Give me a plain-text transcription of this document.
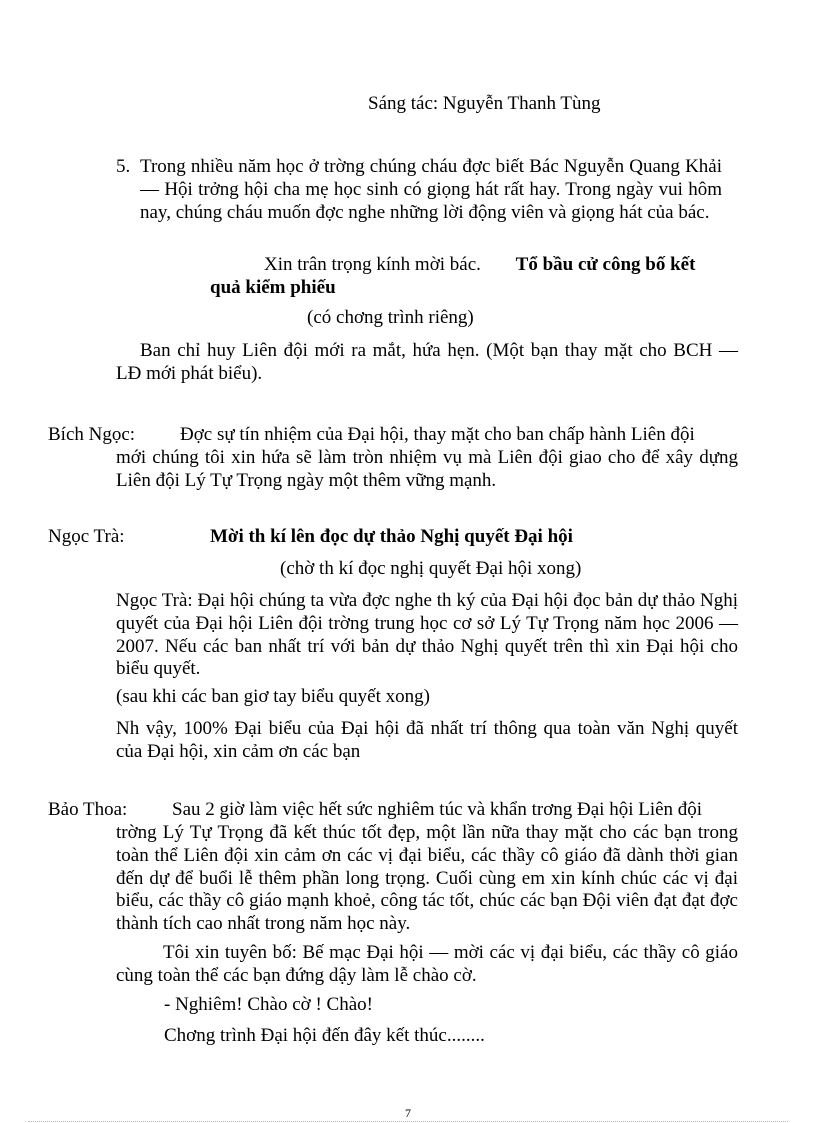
Sáng tác: Nguyễn Thanh Tùng
5. Trong nhiều năm học ở trờng chúng cháu đợc biết Bác Nguyễn Quang Khải — Hội trởng hội cha mẹ học sinh có giọng hát rất hay. Trong ngày vui hôm nay, chúng cháu muốn đợc nghe những lời động viên và giọng hát của bác.
Xin trân trọng kính mời bác. Tổ bầu cử công bố kết
quả kiểm phiếu
(có chơng trình riêng)
Ban chỉ huy Liên đội mới ra mắt, hứa hẹn. (Một bạn thay mặt cho BCH — LĐ mới phát biểu).
Bích Ngọc: Đợc sự tín nhiệm của Đại hội, thay mặt cho ban chấp hành Liên đội
mới chúng tôi xin hứa sẽ làm tròn nhiệm vụ mà Liên đội giao cho để xây dựng Liên đội Lý Tự Trọng ngày một thêm vững mạnh.
Ngọc Trà:	Mời th kí lên đọc dự thảo Nghị quyết Đại hội
(chờ th kí đọc nghị quyết Đại hội xong)
Ngọc Trà: Đại hội chúng ta vừa đợc nghe th ký của Đại hội đọc bản dự thảo Nghị quyết của Đại hội Liên đội trờng trung học cơ sở Lý Tự Trọng năm học 2006 — 2007. Nếu các ban nhất trí với bản dự thảo Nghị quyết trên thì xin Đại hội cho biểu quyết.
(sau khi các ban giơ tay biểu quyết xong)
Nh vậy, 100% Đại biểu của Đại hội đã nhất trí thông qua toàn văn Nghị quyết của Đại hội, xin cảm ơn các bạn
Bảo Thoa: Sau 2 giờ làm việc hết sức nghiêm túc và khẩn trơng Đại hội Liên đội
trờng Lý Tự Trọng đã kết thúc tốt đẹp, một lần nữa thay mặt cho các bạn trong toàn thể Liên đội xin cảm ơn các vị đại biểu, các thầy cô giáo đã dành thời gian đến dự để buổi lễ thêm phần long trọng. Cuối cùng em xin kính chúc các vị đại biểu, các thầy cô giáo mạnh khoẻ, công tác tốt, chúc các bạn Đội viên đạt đạt đợc thành tích cao nhất trong năm học này.
Tôi xin tuyên bố: Bế mạc Đại hội — mời các vị đại biểu, các thầy cô giáo cùng toàn thể các bạn đứng dậy làm lễ chào cờ.
- Nghiêm! Chào cờ ! Chào!
Chơng trình Đại hội đến đây kết thúc........
7
